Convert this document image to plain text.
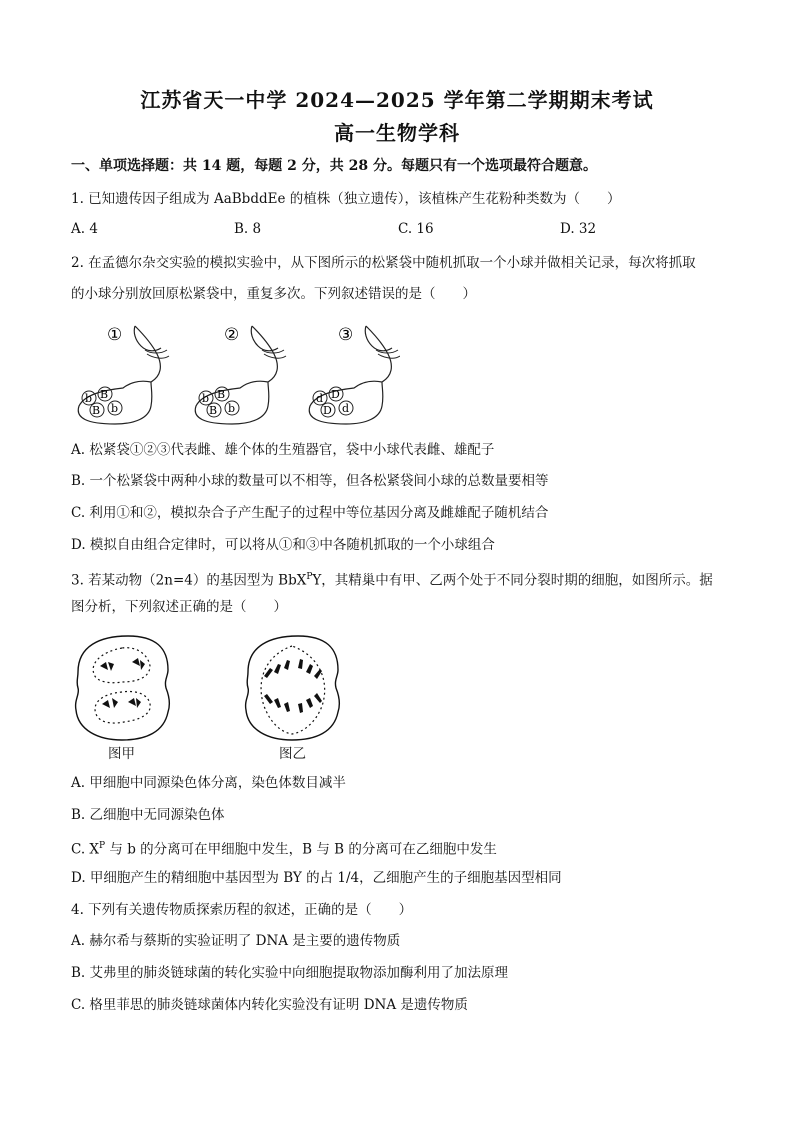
江苏省天一中学 2024—2025 学年第二学期期末考试
高一生物学科
一、单项选择题：共 14 题，每题 2 分，共 28 分。每题只有一个选项最符合题意。
1. 已知遗传因子组成为 AaBbddEe 的植株（独立遗传），该植株产生花粉种类数为（　　）
A. 4	B. 8	C. 16	D. 32
2. 在孟德尔杂交实验的模拟实验中，从下图所示的松紧袋中随机抓取一个小球并做相关记录，每次将抓取
的小球分别放回原松紧袋中，重复多次。下列叙述错误的是（　　）
①
b B
B b
②
b B
B b
③
d D
D d
A. 松紧袋①②③代表雌、雄个体的生殖器官，袋中小球代表雌、雄配子
B. 一个松紧袋中两种小球的数量可以不相等，但各松紧袋间小球的总数量要相等
C. 利用①和②，模拟杂合子产生配子的过程中等位基因分离及雌雄配子随机结合
D. 模拟自由组合定律时，可以将从①和③中各随机抓取的一个小球组合
3. 若某动物（2n=4）的基因型为 BbX$^P$Y，其精巢中有甲、乙两个处于不同分裂时期的细胞，如图所示。据
图分析，下列叙述正确的是（　　）
图甲	图乙
A. 甲细胞中同源染色体分离，染色体数目减半
B. 乙细胞中无同源染色体
C. $X^P$ 与 b 的分离可在甲细胞中发生，B 与 B 的分离可在乙细胞中发生
D. 甲细胞产生的精细胞中基因型为 BY 的占 1/4，乙细胞产生的子细胞基因型相同
4. 下列有关遗传物质探索历程的叙述，正确的是（　　）
A. 赫尔希与蔡斯的实验证明了 DNA 是主要的遗传物质
B. 艾弗里的肺炎链球菌的转化实验中向细胞提取物添加酶利用了加法原理
C. 格里菲思的肺炎链球菌体内转化实验没有证明 DNA 是遗传物质
